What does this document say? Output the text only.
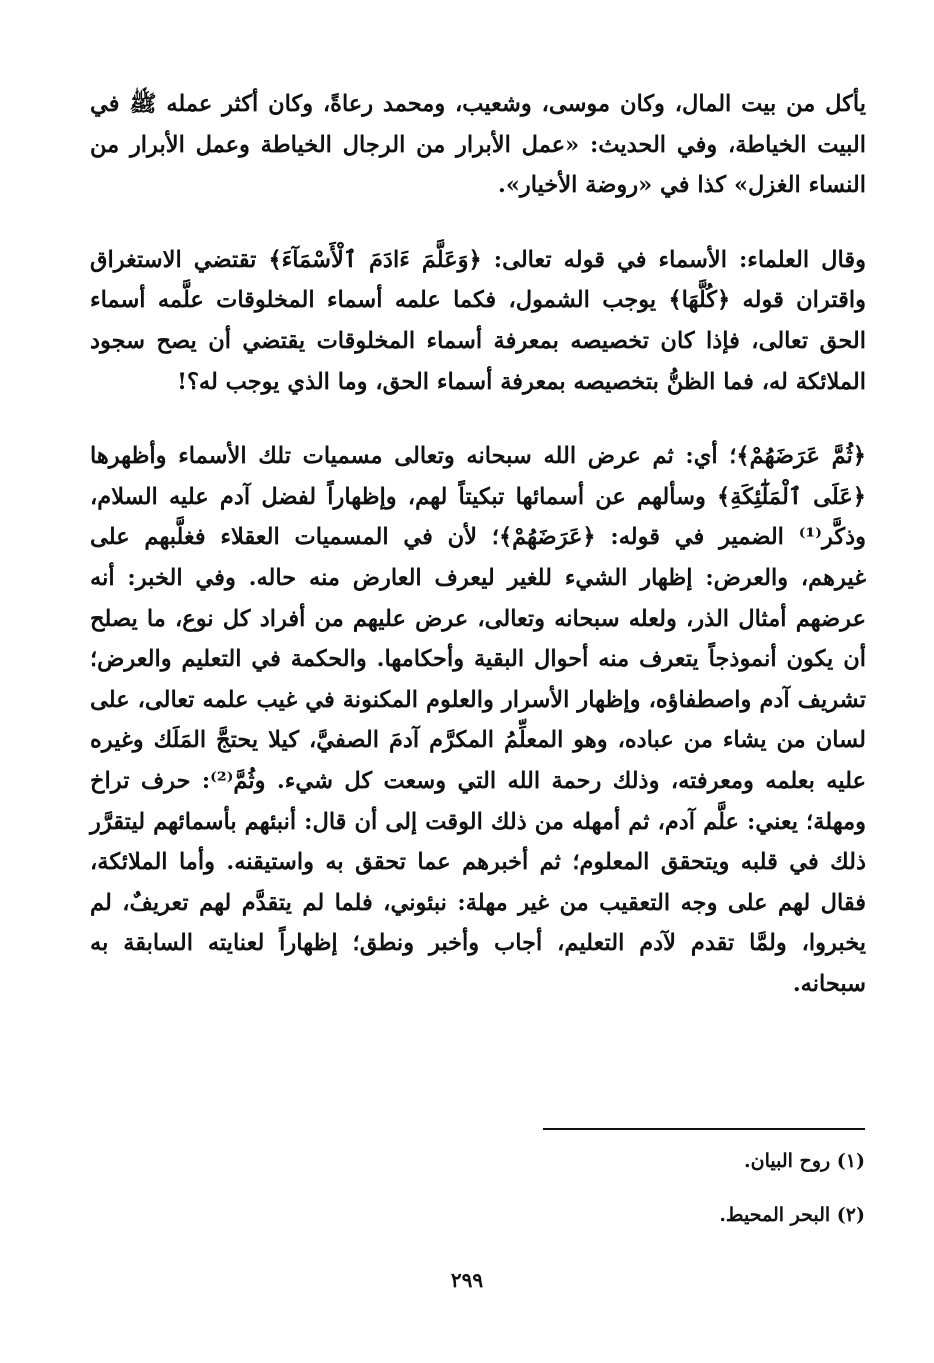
يأكل من بيت المال، وكان موسى، وشعيب، ومحمد رعاةً، وكان أكثر عمله ﷺ في البيت الخياطة، وفي الحديث: «عمل الأبرار من الرجال الخياطة وعمل الأبرار من النساء الغزل» كذا في «روضة الأخيار».

وقال العلماء: الأسماء في قوله تعالى: ﴿وَعَلَّمَ ءَادَمَ ٱلْأَسْمَآءَ﴾ تقتضي الاستغراق واقتران قوله ﴿كُلَّهَا﴾ يوجب الشمول، فكما علمه أسماء المخلوقات علَّمه أسماء الحق تعالى، فإذا كان تخصيصه بمعرفة أسماء المخلوقات يقتضي أن يصح سجود الملائكة له، فما الظنُّ بتخصيصه بمعرفة أسماء الحق، وما الذي يوجب له؟!

﴿ثُمَّ عَرَضَهُمْ﴾؛ أي: ثم عرض الله سبحانه وتعالى مسميات تلك الأسماء وأظهرها ﴿عَلَى ٱلْمَلَٰٓئِكَةِ﴾ وسألهم عن أسمائها تبكيتاً لهم، وإظهاراً لفضل آدم عليه السلام، وذكَّر⁽¹⁾ الضمير في قوله: ﴿عَرَضَهُمْ﴾؛ لأن في المسميات العقلاء فغلَّبهم على غيرهم، والعرض: إظهار الشيء للغير ليعرف العارض منه حاله. وفي الخبر: أنه عرضهم أمثال الذر، ولعله سبحانه وتعالى، عرض عليهم من أفراد كل نوع، ما يصلح أن يكون أنموذجاً يتعرف منه أحوال البقية وأحكامها. والحكمة في التعليم والعرض؛ تشريف آدم واصطفاؤه، وإظهار الأسرار والعلوم المكنونة في غيب علمه تعالى، على لسان من يشاء من عباده، وهو المعلِّمُ المكرَّم آدمَ الصفيَّ، كيلا يحتجَّ المَلَك وغيره عليه بعلمه ومعرفته، وذلك رحمة الله التي وسعت كل شيء. وثُمَّ⁽²⁾: حرف تراخ ومهلة؛ يعني: علَّم آدم، ثم أمهله من ذلك الوقت إلى أن قال: أنبئهم بأسمائهم ليتقرَّر ذلك في قلبه ويتحقق المعلوم؛ ثم أخبرهم عما تحقق به واستيقنه. وأما الملائكة، فقال لهم على وجه التعقيب من غير مهلة: نبئوني، فلما لم يتقدَّم لهم تعريفٌ، لم يخبروا، ولمَّا تقدم لآدم التعليم، أجاب وأخبر ونطق؛ إظهاراً لعنايته السابقة به سبحانه.

(١) روح البيان.

(٢) البحر المحيط.

٢٩٩
